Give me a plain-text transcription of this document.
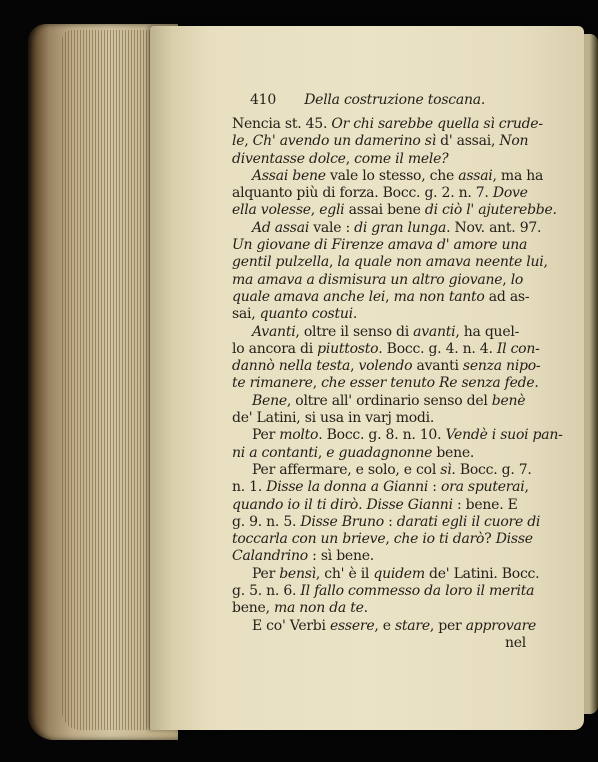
410 Della costruzione toscana.
Nencia st. 45. Or chi sarebbe quella sì crude-
le, Ch' avendo un damerino sì d' assai, Non
diventasse dolce, come il mele?
Assai bene vale lo stesso, che assai, ma ha
alquanto più di forza. Bocc. g. 2. n. 7. Dove
ella volesse, egli assai bene di ciò l' ajuterebbe.
Ad assai vale : di gran lunga. Nov. ant. 97.
Un giovane di Firenze amava d' amore una
gentil pulzella, la quale non amava neente lui,
ma amava a dismisura un altro giovane, lo
quale amava anche lei, ma non tanto ad as-
sai, quanto costui.
Avanti, oltre il senso di avanti, ha quel-
lo ancora di piuttosto. Bocc. g. 4. n. 4. Il con-
dannò nella testa, volendo avanti senza nipo-
te rimanere, che esser tenuto Re senza fede.
Bene, oltre all' ordinario senso del benè
de' Latini, si usa in varj modi.
Per molto. Bocc. g. 8. n. 10. Vendè i suoi pan-
ni a contanti, e guadagnonne bene.
Per affermare, e solo, e col sì. Bocc. g. 7.
n. 1. Disse la donna a Gianni : ora sputerai,
quando io il ti dirò. Disse Gianni : bene. E
g. 9. n. 5. Disse Bruno : darati egli il cuore di
toccarla con un brieve, che io ti darò? Disse
Calandrino : sì bene.
Per bensì, ch' è il quidem de' Latini. Bocc.
g. 5. n. 6. Il fallo commesso da loro il merita
bene, ma non da te.
E co' Verbi essere, e stare, per approvare
nel
